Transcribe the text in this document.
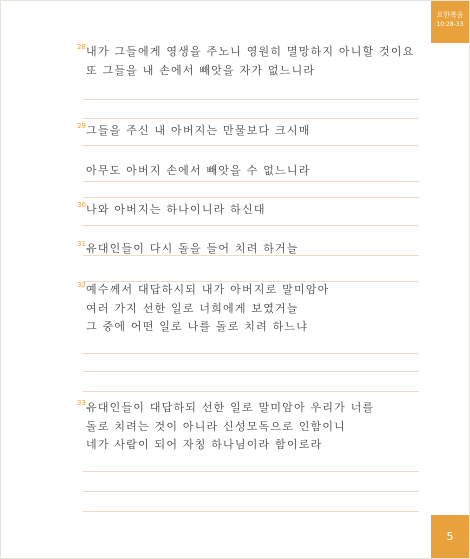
요한복음
10:28-33
28 내가 그들에게 영생을 주노니 영원히 멸망하지 아니할 것이요
또 그들을 내 손에서 빼앗을 자가 없느니라
29 그들을 주신 내 아버지는 만물보다 크시매
아무도 아버지 손에서 빼앗을 수 없느니라
30 나와 아버지는 하나이니라 하신대
31 유대인들이 다시 돌을 들어 치려 하거늘
32 예수께서 대답하시되 내가 아버지로 말미암아
여러 가지 선한 일로 너희에게 보였거늘
그 중에 어떤 일로 나를 돌로 치려 하느냐
33 유대인들이 대답하되 선한 일로 말미암아 우리가 너를
돌로 치려는 것이 아니라 신성모독으로 인함이니
네가 사람이 되어 자칭 하나님이라 함이로라
5
